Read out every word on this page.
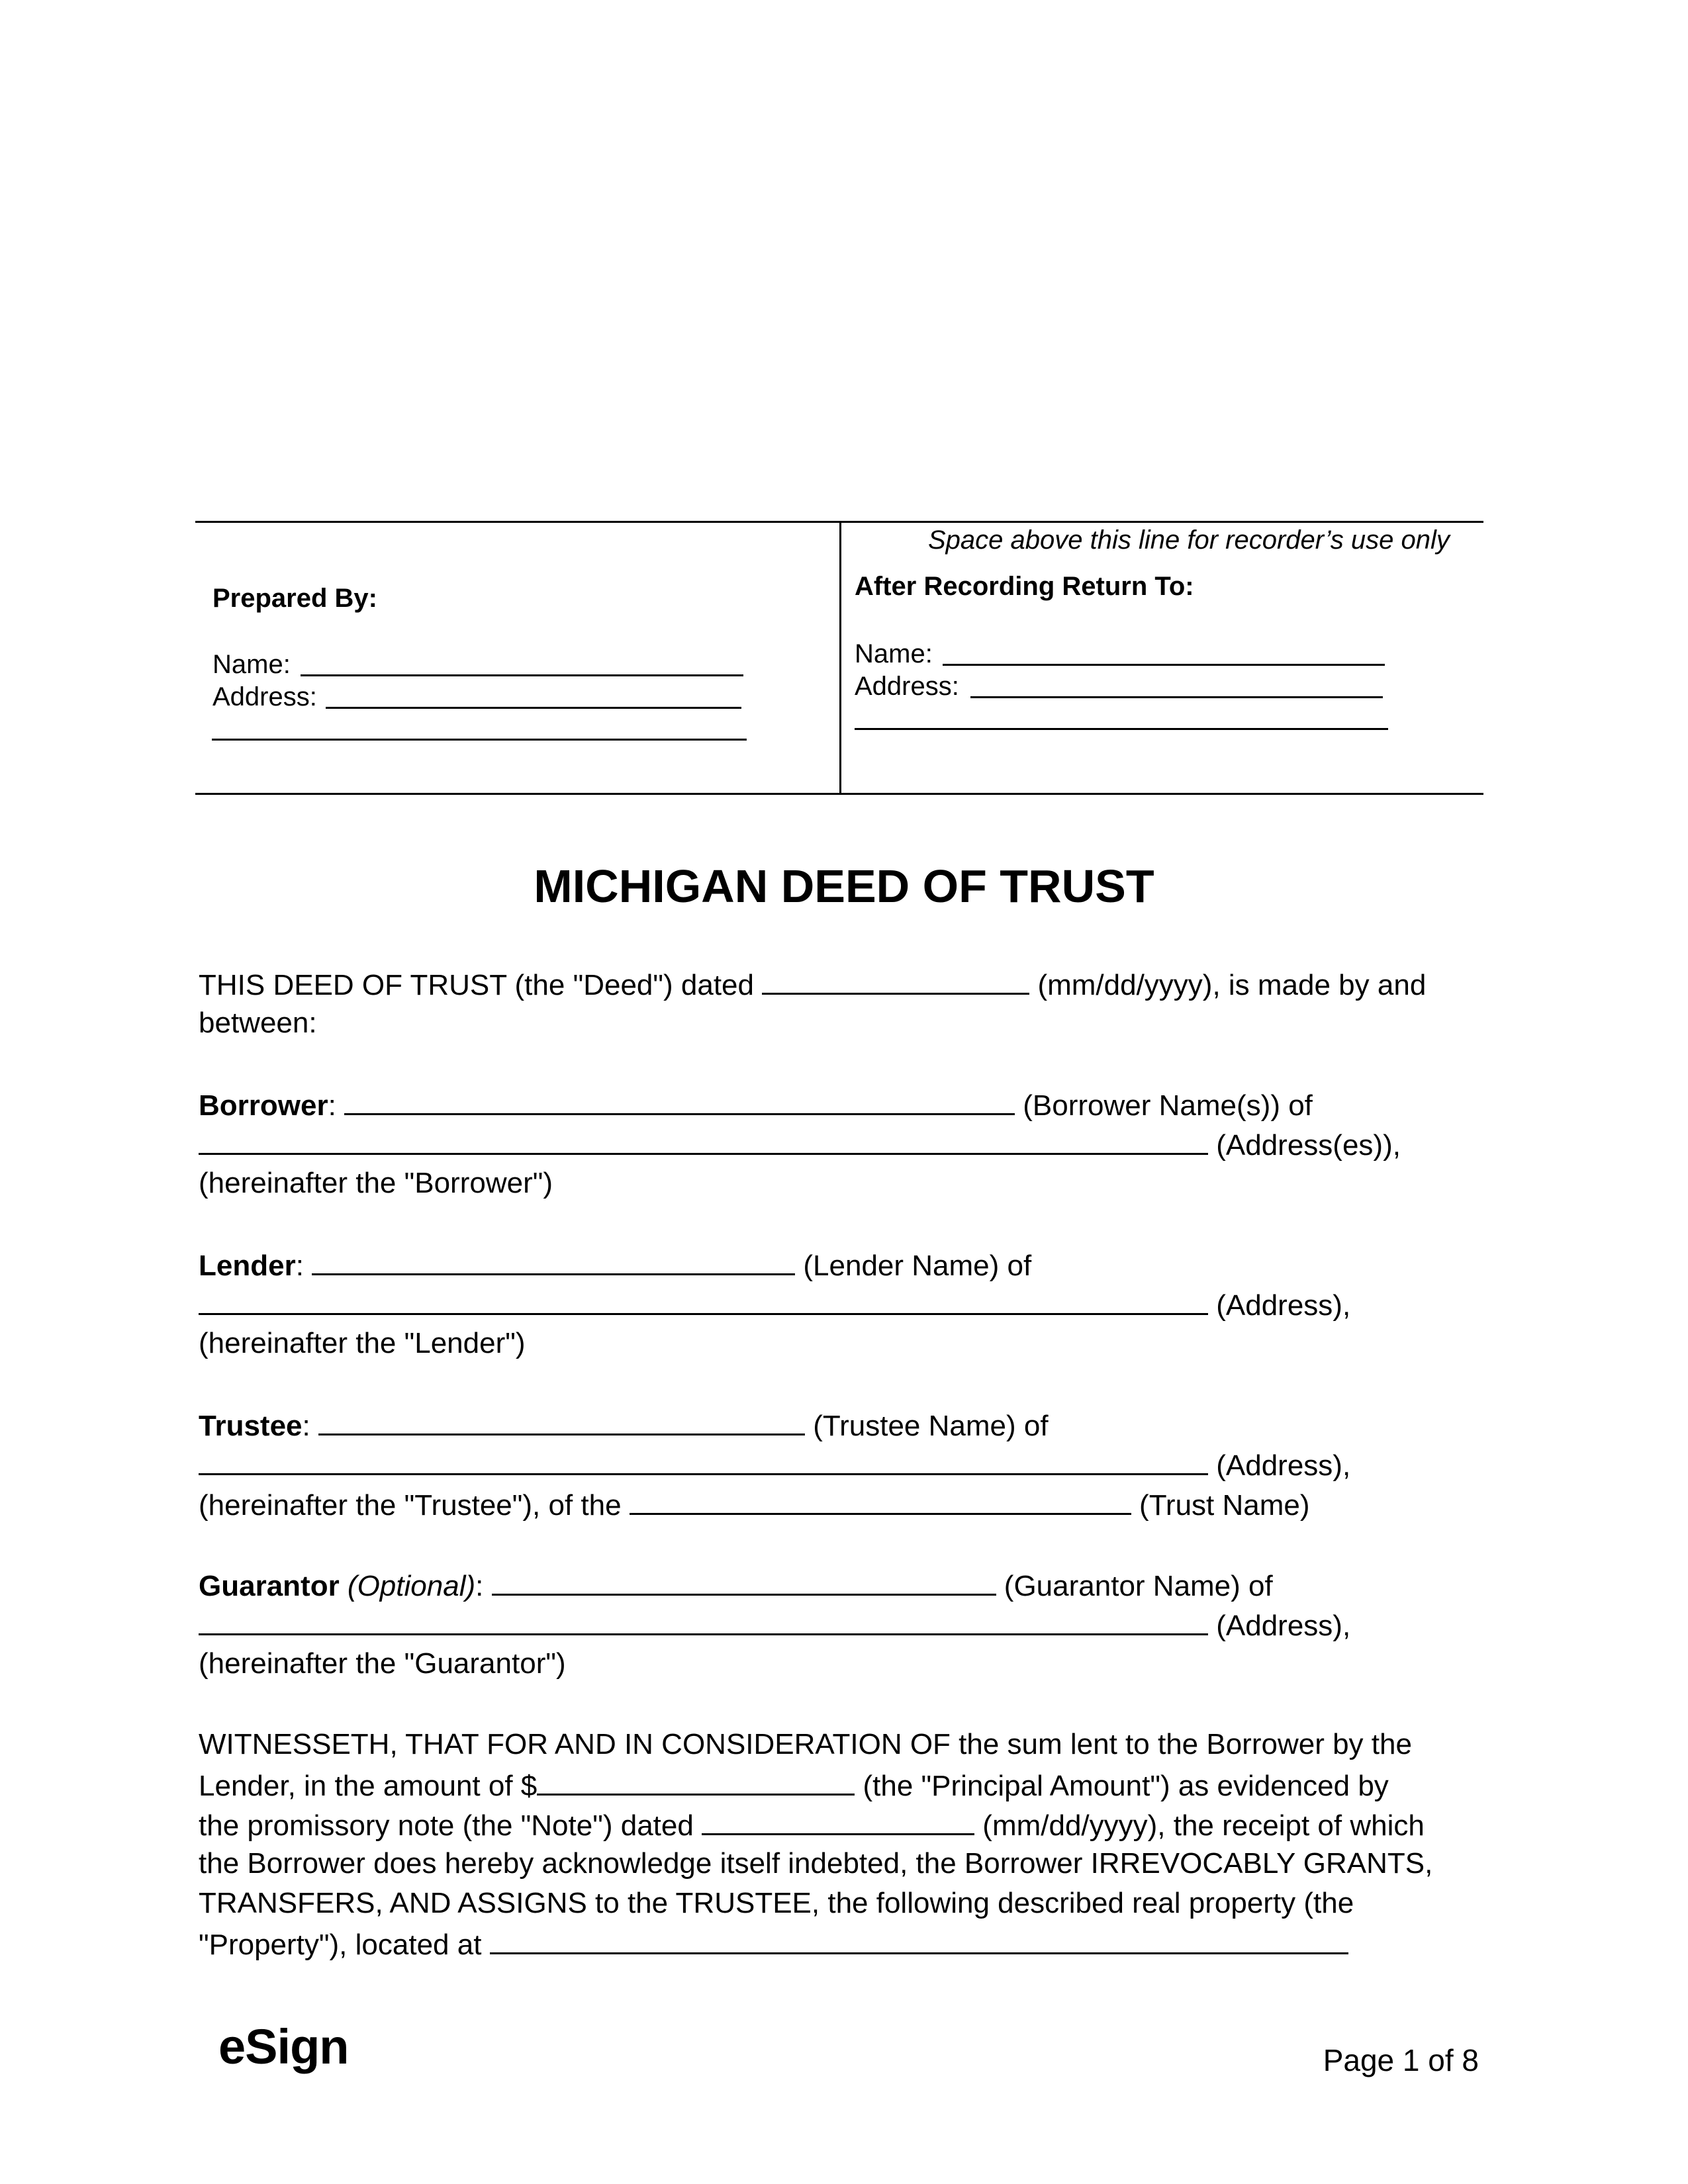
Space above this line for recorder’s use only
Prepared By:
Name:
Address:
After Recording Return To:
Name:
Address:
MICHIGAN DEED OF TRUST
THIS DEED OF TRUST (the "Deed") dated	(mm/dd/yyyy), is made by and
between:
Borrower:	(Borrower Name(s)) of
(Address(es)),
(hereinafter the "Borrower")
Lender:	(Lender Name) of
(Address),
(hereinafter the "Lender")
Trustee:	(Trustee Name) of
(Address),
(hereinafter the "Trustee"), of the	(Trust Name)
Guarantor (Optional):	(Guarantor Name) of
(Address),
(hereinafter the "Guarantor")
WITNESSETH, THAT FOR AND IN CONSIDERATION OF the sum lent to the Borrower by the
Lender, in the amount of $	(the "Principal Amount") as evidenced by
the promissory note (the "Note") dated	(mm/dd/yyyy), the receipt of which
the Borrower does hereby acknowledge itself indebted, the Borrower IRREVOCABLY GRANTS,
TRANSFERS, AND ASSIGNS to the TRUSTEE, the following described real property (the
"Property"), located at
eSign	Page 1 of 8
